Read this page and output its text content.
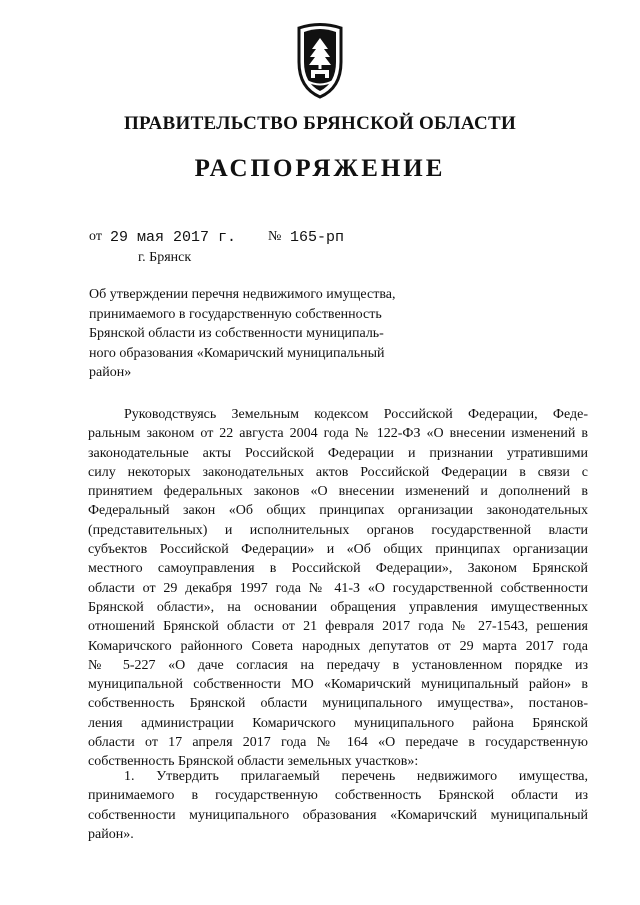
ПРАВИТЕЛЬСТВО БРЯНСКОЙ ОБЛАСТИ
РАСПОРЯЖЕНИЕ
от 29 мая 2017 г. № 165-рп
г. Брянск
Об утверждении перечня недвижимого имущества,
принимаемого в государственную собственность
Брянской области из собственности муниципаль-
ного образования «Комаричский муниципальный
район»
Руководствуясь Земельным кодексом Российской Федерации, Феде-
ральным законом от 22 августа 2004 года № 122-ФЗ «О внесении изменений в
законодательные акты Российской Федерации и признании утратившими
силу некоторых законодательных актов Российской Федерации в связи с
принятием федеральных законов «О внесении изменений и дополнений в
Федеральный закон «Об общих принципах организации законодательных
(представительных) и исполнительных органов государственной власти
субъектов Российской Федерации» и «Об общих принципах организации
местного самоуправления в Российской Федерации», Законом Брянской
области от 29 декабря 1997 года № 41-З «О государственной собственности
Брянской области», на основании обращения управления имущественных
отношений Брянской области от 21 февраля 2017 года № 27-1543, решения
Комаричского районного Совета народных депутатов от 29 марта 2017 года
№ 5-227 «О даче согласия на передачу в установленном порядке из
муниципальной собственности МО «Комаричский муниципальный район» в
собственность Брянской области муниципального имущества», постанов-
ления администрации Комаричского муниципального района Брянской
области от 17 апреля 2017 года № 164 «О передаче в государственную
собственность Брянской области земельных участков»:
1. Утвердить прилагаемый перечень недвижимого имущества,
принимаемого в государственную собственность Брянской области из
собственности муниципального образования «Комаричский муниципальный
район».
